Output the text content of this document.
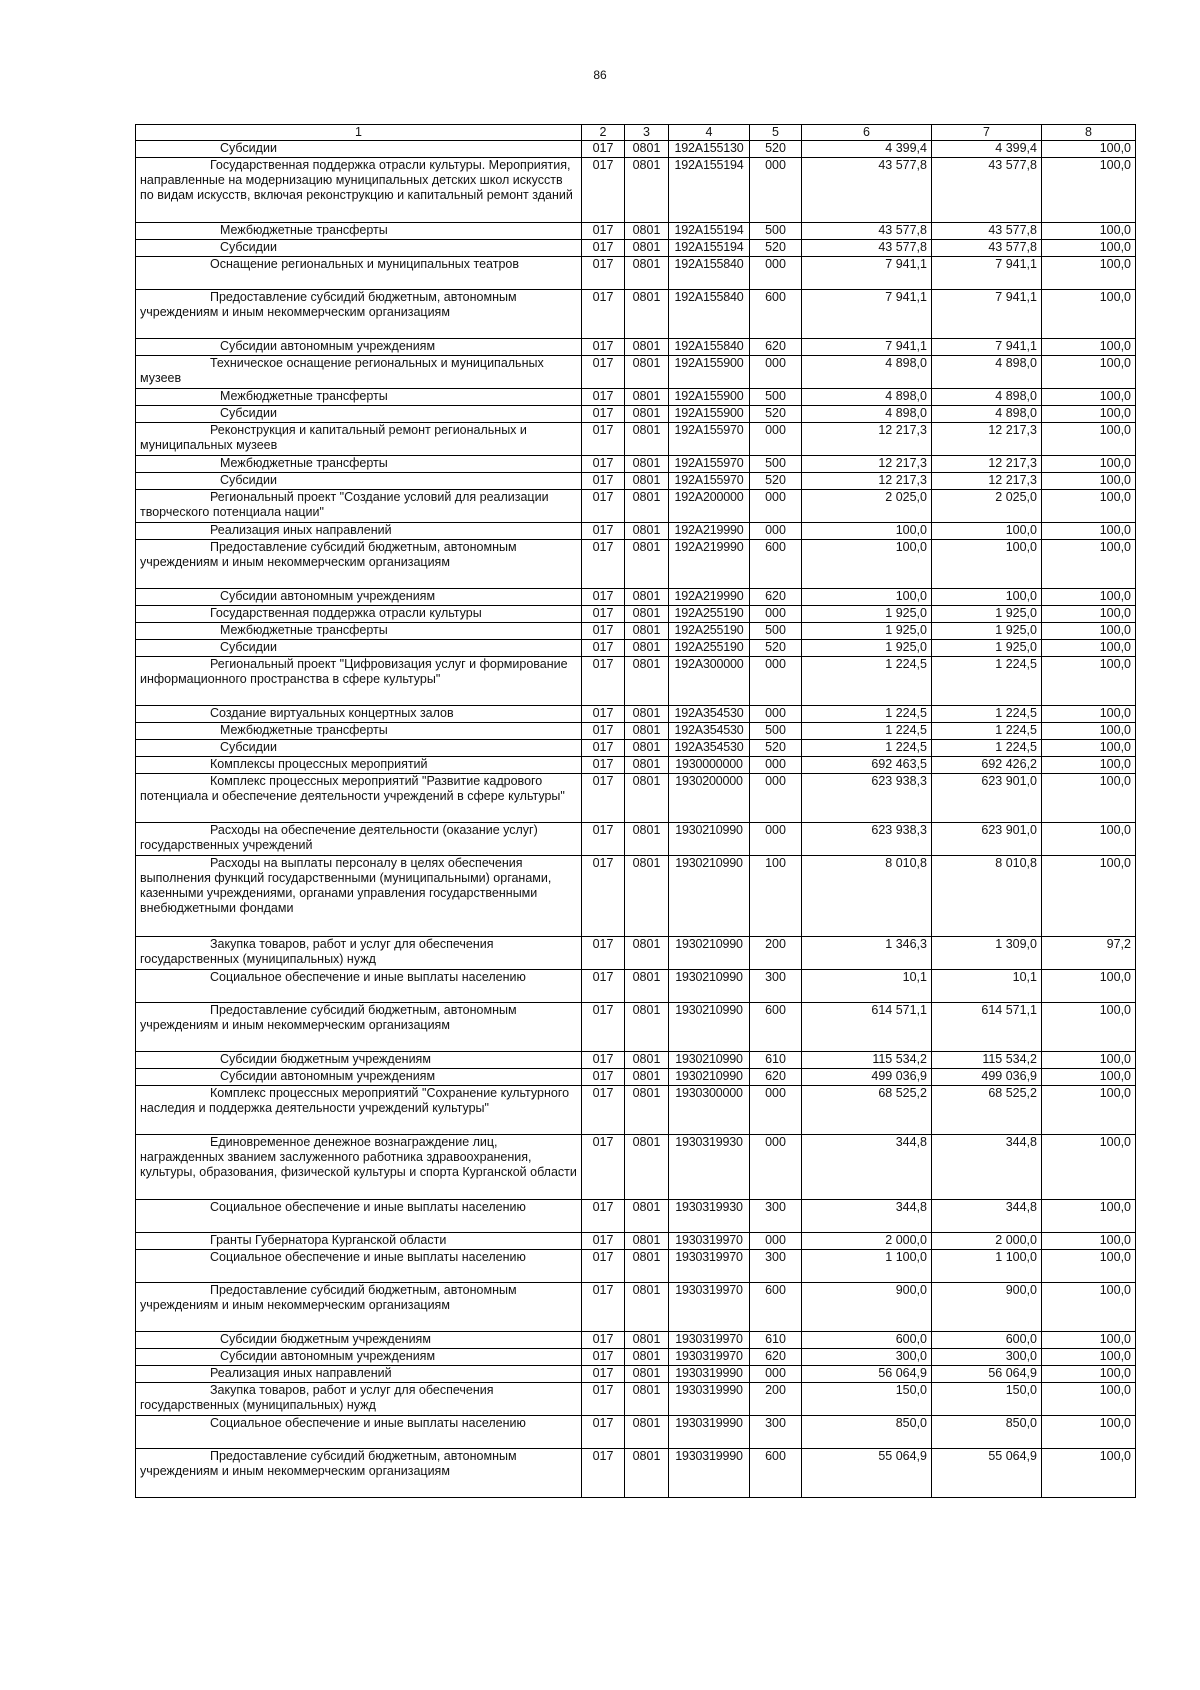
86
1	2	3	4	5	6	7	8
Субсидии	017	0801	192А155130	520	4 399,4	4 399,4	100,0
Государственная поддержка отрасли культуры. Мероприятия, направленные на модернизацию муниципальных детских школ искусств по видам искусств, включая реконструкцию и капитальный ремонт зданий	017	0801	192А155194	000	43 577,8	43 577,8	100,0
Межбюджетные трансферты	017	0801	192А155194	500	43 577,8	43 577,8	100,0
Субсидии	017	0801	192А155194	520	43 577,8	43 577,8	100,0
Оснащение региональных и муниципальных театров	017	0801	192А155840	000	7 941,1	7 941,1	100,0
Предоставление субсидий бюджетным, автономным учреждениям и иным некоммерческим организациям	017	0801	192А155840	600	7 941,1	7 941,1	100,0
Субсидии автономным учреждениям	017	0801	192А155840	620	7 941,1	7 941,1	100,0
Техническое оснащение региональных и муниципальных музеев	017	0801	192А155900	000	4 898,0	4 898,0	100,0
Межбюджетные трансферты	017	0801	192А155900	500	4 898,0	4 898,0	100,0
Субсидии	017	0801	192А155900	520	4 898,0	4 898,0	100,0
Реконструкция и капитальный ремонт региональных и муниципальных музеев	017	0801	192А155970	000	12 217,3	12 217,3	100,0
Межбюджетные трансферты	017	0801	192А155970	500	12 217,3	12 217,3	100,0
Субсидии	017	0801	192А155970	520	12 217,3	12 217,3	100,0
Региональный проект "Создание условий для реализации творческого потенциала нации"	017	0801	192А200000	000	2 025,0	2 025,0	100,0
Реализация иных направлений	017	0801	192А219990	000	100,0	100,0	100,0
Предоставление субсидий бюджетным, автономным учреждениям и иным некоммерческим организациям	017	0801	192А219990	600	100,0	100,0	100,0
Субсидии автономным учреждениям	017	0801	192А219990	620	100,0	100,0	100,0
Государственная поддержка отрасли культуры	017	0801	192А255190	000	1 925,0	1 925,0	100,0
Межбюджетные трансферты	017	0801	192А255190	500	1 925,0	1 925,0	100,0
Субсидии	017	0801	192А255190	520	1 925,0	1 925,0	100,0
Региональный проект "Цифровизация услуг и формирование информационного пространства в сфере культуры"	017	0801	192А300000	000	1 224,5	1 224,5	100,0
Создание виртуальных концертных залов	017	0801	192А354530	000	1 224,5	1 224,5	100,0
Межбюджетные трансферты	017	0801	192А354530	500	1 224,5	1 224,5	100,0
Субсидии	017	0801	192А354530	520	1 224,5	1 224,5	100,0
Комплексы процессных мероприятий	017	0801	1930000000	000	692 463,5	692 426,2	100,0
Комплекс процессных мероприятий "Развитие кадрового потенциала и обеспечение деятельности учреждений в сфере культуры"	017	0801	1930200000	000	623 938,3	623 901,0	100,0
Расходы на обеспечение деятельности (оказание услуг) государственных учреждений	017	0801	1930210990	000	623 938,3	623 901,0	100,0
Расходы на выплаты персоналу в целях обеспечения выполнения функций государственными (муниципальными) органами, казенными учреждениями, органами управления государственными внебюджетными фондами	017	0801	1930210990	100	8 010,8	8 010,8	100,0
Закупка товаров, работ и услуг для обеспечения государственных (муниципальных) нужд	017	0801	1930210990	200	1 346,3	1 309,0	97,2
Социальное обеспечение и иные выплаты населению	017	0801	1930210990	300	10,1	10,1	100,0
Предоставление субсидий бюджетным, автономным учреждениям и иным некоммерческим организациям	017	0801	1930210990	600	614 571,1	614 571,1	100,0
Субсидии бюджетным учреждениям	017	0801	1930210990	610	115 534,2	115 534,2	100,0
Субсидии автономным учреждениям	017	0801	1930210990	620	499 036,9	499 036,9	100,0
Комплекс процессных мероприятий "Сохранение культурного наследия и поддержка деятельности учреждений культуры"	017	0801	1930300000	000	68 525,2	68 525,2	100,0
Единовременное денежное вознаграждение лиц, награжденных званием заслуженного работника здравоохранения, культуры, образования, физической культуры и спорта Курганской области	017	0801	1930319930	000	344,8	344,8	100,0
Социальное обеспечение и иные выплаты населению	017	0801	1930319930	300	344,8	344,8	100,0
Гранты Губернатора Курганской области	017	0801	1930319970	000	2 000,0	2 000,0	100,0
Социальное обеспечение и иные выплаты населению	017	0801	1930319970	300	1 100,0	1 100,0	100,0
Предоставление субсидий бюджетным, автономным учреждениям и иным некоммерческим организациям	017	0801	1930319970	600	900,0	900,0	100,0
Субсидии бюджетным учреждениям	017	0801	1930319970	610	600,0	600,0	100,0
Субсидии автономным учреждениям	017	0801	1930319970	620	300,0	300,0	100,0
Реализация иных направлений	017	0801	1930319990	000	56 064,9	56 064,9	100,0
Закупка товаров, работ и услуг для обеспечения государственных (муниципальных) нужд	017	0801	1930319990	200	150,0	150,0	100,0
Социальное обеспечение и иные выплаты населению	017	0801	1930319990	300	850,0	850,0	100,0
Предоставление субсидий бюджетным, автономным учреждениям и иным некоммерческим организациям	017	0801	1930319990	600	55 064,9	55 064,9	100,0
